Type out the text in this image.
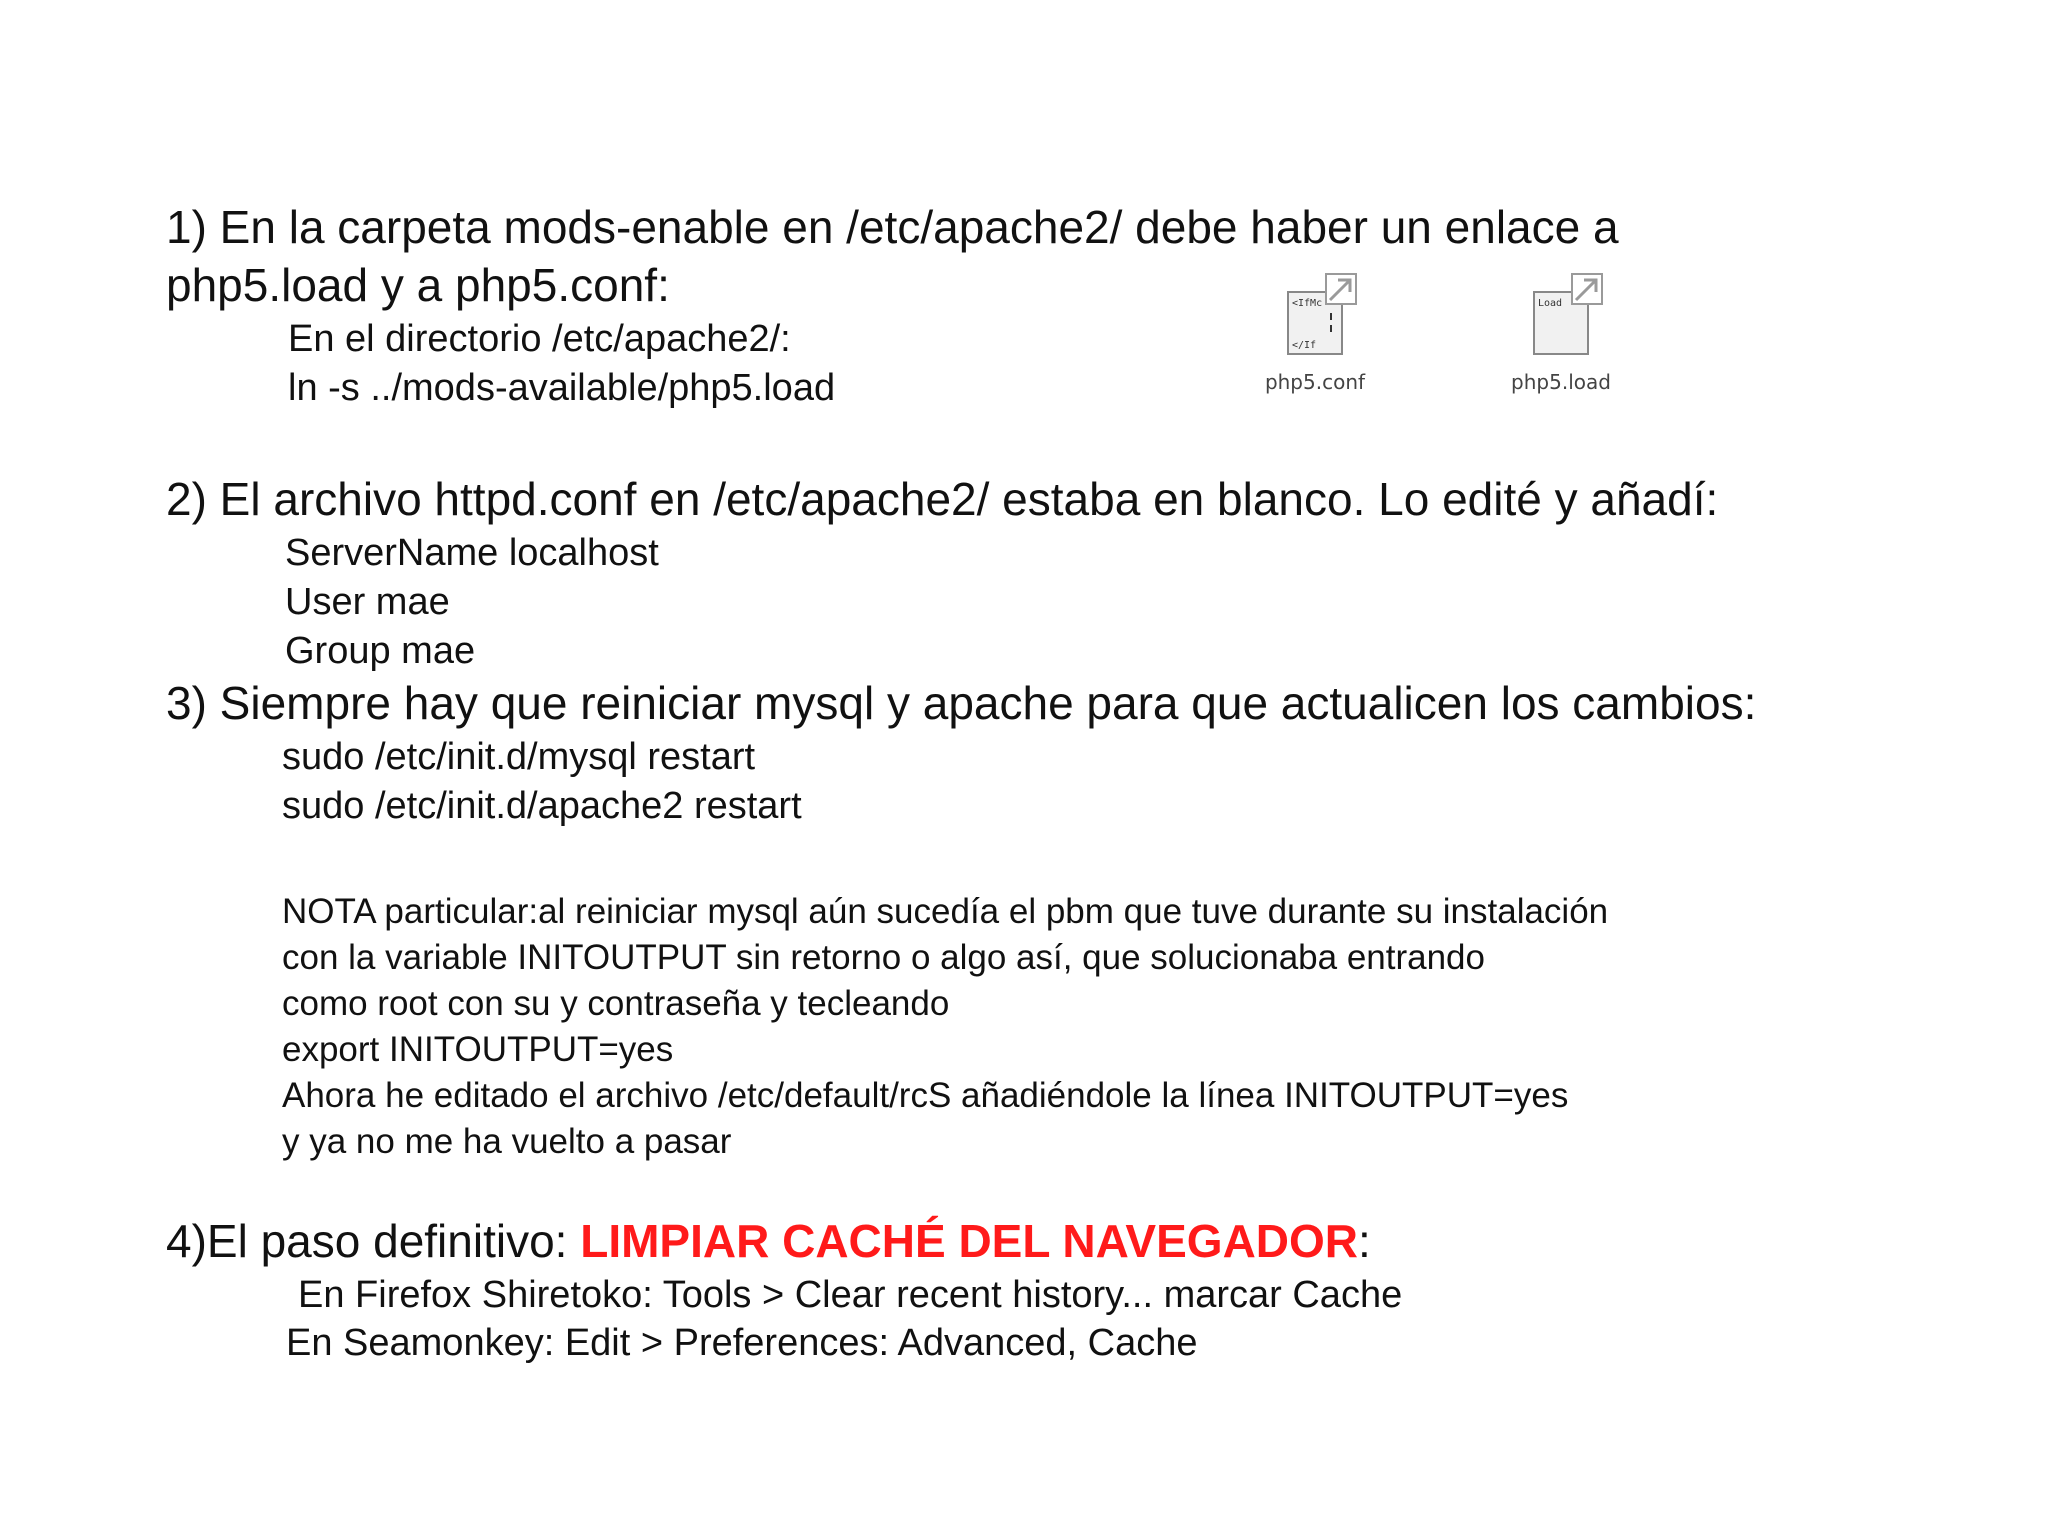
1) En la carpeta mods-enable en /etc/apache2/ debe haber un enlace a
php5.load y a php5.conf:
En el directorio /etc/apache2/:
ln -s ../mods-available/php5.load
<IfMc
</If
php5.conf
Load
php5.load
2) El archivo httpd.conf en /etc/apache2/ estaba en blanco. Lo edité y añadí:
ServerName localhost
User mae
Group mae
3) Siempre hay que reiniciar mysql y apache para que actualicen los cambios:
sudo /etc/init.d/mysql restart
sudo /etc/init.d/apache2 restart
NOTA particular:al reiniciar mysql aún sucedía el pbm que tuve durante su instalación
con la variable INITOUTPUT sin retorno o algo así, que solucionaba entrando
como root con su y contraseña y tecleando
export INITOUTPUT=yes
Ahora he editado el archivo /etc/default/rcS añadiéndole la línea INITOUTPUT=yes
y ya no me ha vuelto a pasar
4)El paso definitivo: LIMPIAR CACHÉ DEL NAVEGADOR:
En Firefox Shiretoko: Tools > Clear recent history... marcar Cache
En Seamonkey: Edit > Preferences: Advanced, Cache
